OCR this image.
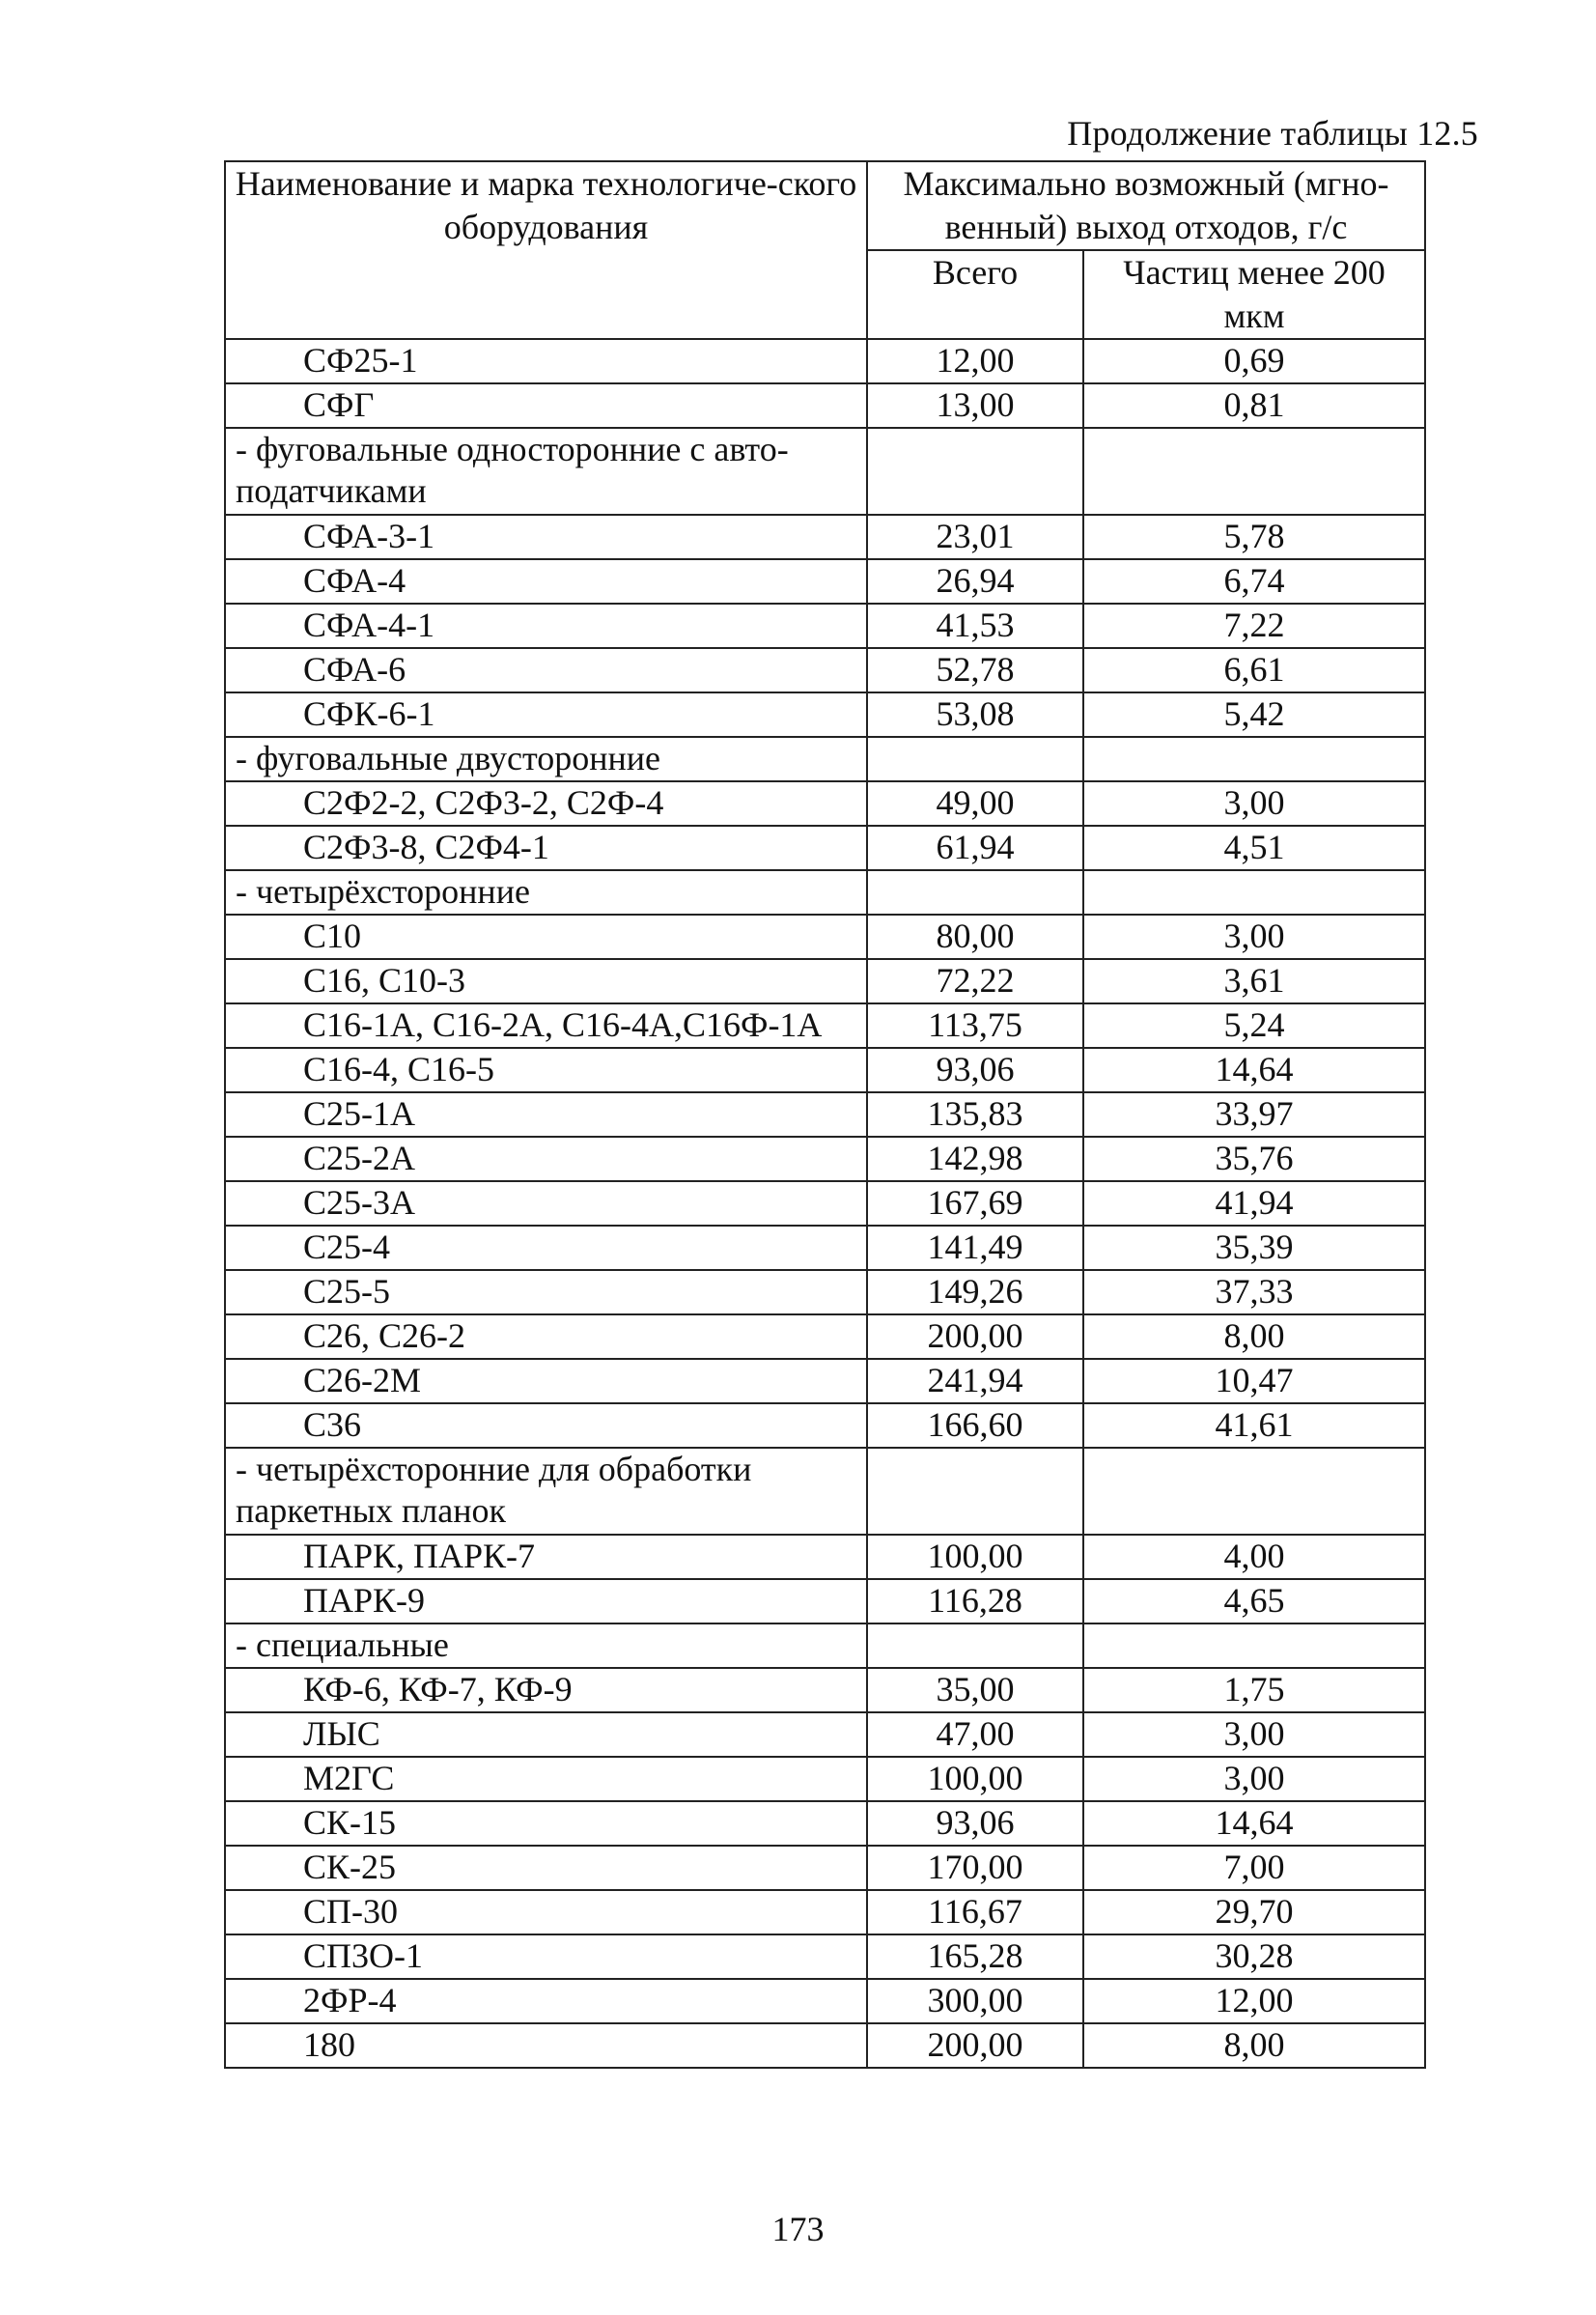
Продолжение таблицы 12.5
Наименование и марка технологиче-ского оборудования	Максимально возможный (мгно-венный) выход отходов, г/с	
	Всего	Частиц менее 200 мкм
СФ25-1	12,00	0,69
СФГ	13,00	0,81
- фуговальные односторонние с авто-податчиками		
СФА-3-1	23,01	5,78
СФА-4	26,94	6,74
СФА-4-1	41,53	7,22
СФА-6	52,78	6,61
СФК-6-1	53,08	5,42
- фуговальные двусторонние		
С2Ф2-2, С2Ф3-2, С2Ф-4	49,00	3,00
С2Ф3-8, С2Ф4-1	61,94	4,51
- четырёхсторонние		
С10	80,00	3,00
С16, С10-3	72,22	3,61
С16-1А, С16-2А, С16-4А,С16Ф-1А	113,75	5,24
С16-4, С16-5	93,06	14,64
С25-1А	135,83	33,97
С25-2А	142,98	35,76
С25-3А	167,69	41,94
С25-4	141,49	35,39
С25-5	149,26	37,33
С26, С26-2	200,00	8,00
С26-2М	241,94	10,47
С36	166,60	41,61
- четырёхсторонние для обработки паркетных планок		
ПАРК, ПАРК-7	100,00	4,00
ПАРК-9	116,28	4,65
- специальные		
КФ-6, КФ-7, КФ-9	35,00	1,75
ЛЫС	47,00	3,00
М2ГС	100,00	3,00
СК-15	93,06	14,64
СК-25	170,00	7,00
СП-30	116,67	29,70
СП3О-1	165,28	30,28
2ФР-4	300,00	12,00
180	200,00	8,00
173
